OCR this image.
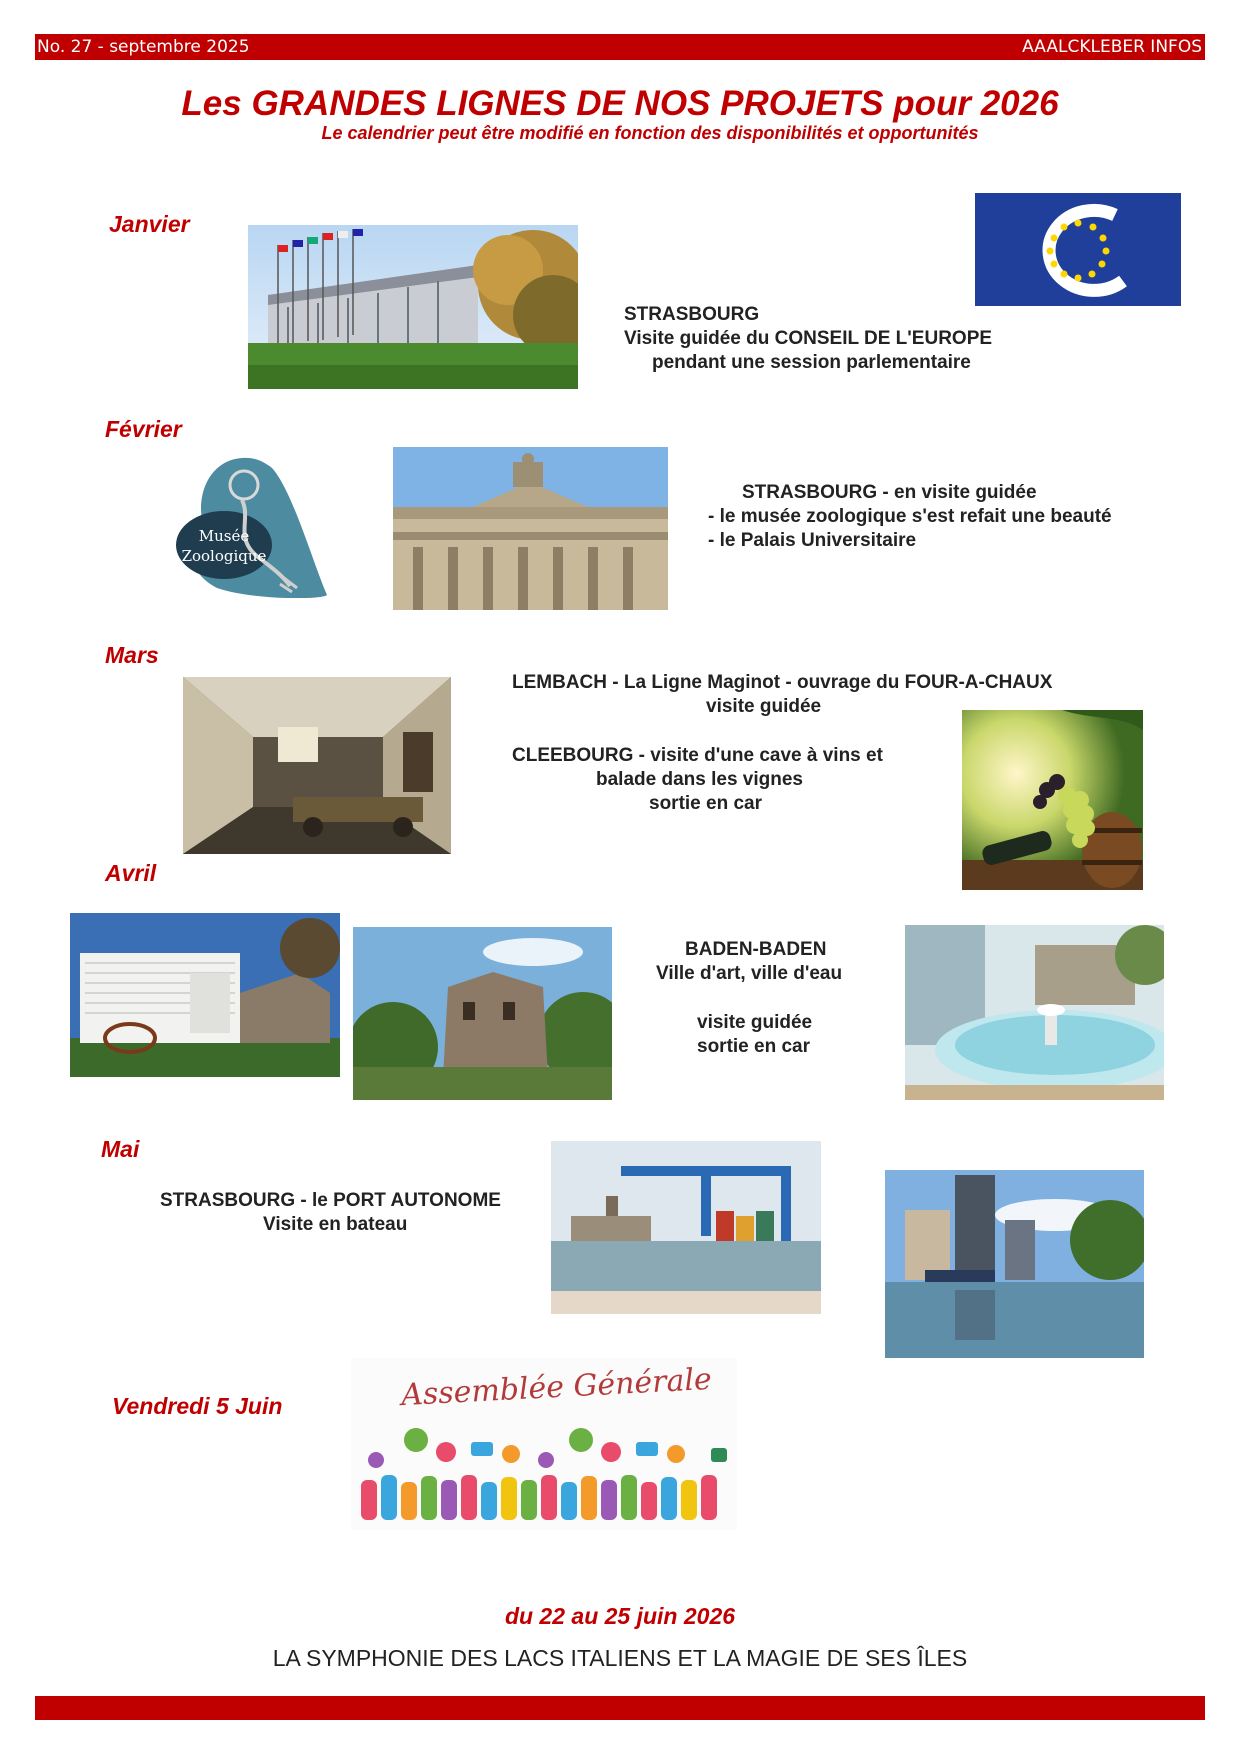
No. 27 - septembre 2025	AAALCKLEBER INFOS
Les GRANDES LIGNES DE NOS PROJETS pour 2026
Le calendrier peut être modifié en fonction des disponibilités et opportunités
Janvier
STRASBOURG
Visite guidée du CONSEIL DE L'EUROPE
pendant une session parlementaire
Février
Musée
Zoologique
STRASBOURG - en visite guidée
- le musée zoologique s'est refait une beauté
- le Palais Universitaire
Mars
LEMBACH - La Ligne Maginot - ouvrage du FOUR-A-CHAUX
visite guidée
CLEEBOURG - visite d'une cave à vins et
balade dans les vignes
sortie en car
Avril
BADEN-BADEN
Ville d'art, ville d'eau
visite guidée
sortie en car
Mai
STRASBOURG - le PORT AUTONOME
Visite en bateau
Vendredi 5 Juin	Assemblée Générale
du 22 au 25 juin 2026
LA SYMPHONIE DES LACS ITALIENS ET LA MAGIE DE SES ÎLES
